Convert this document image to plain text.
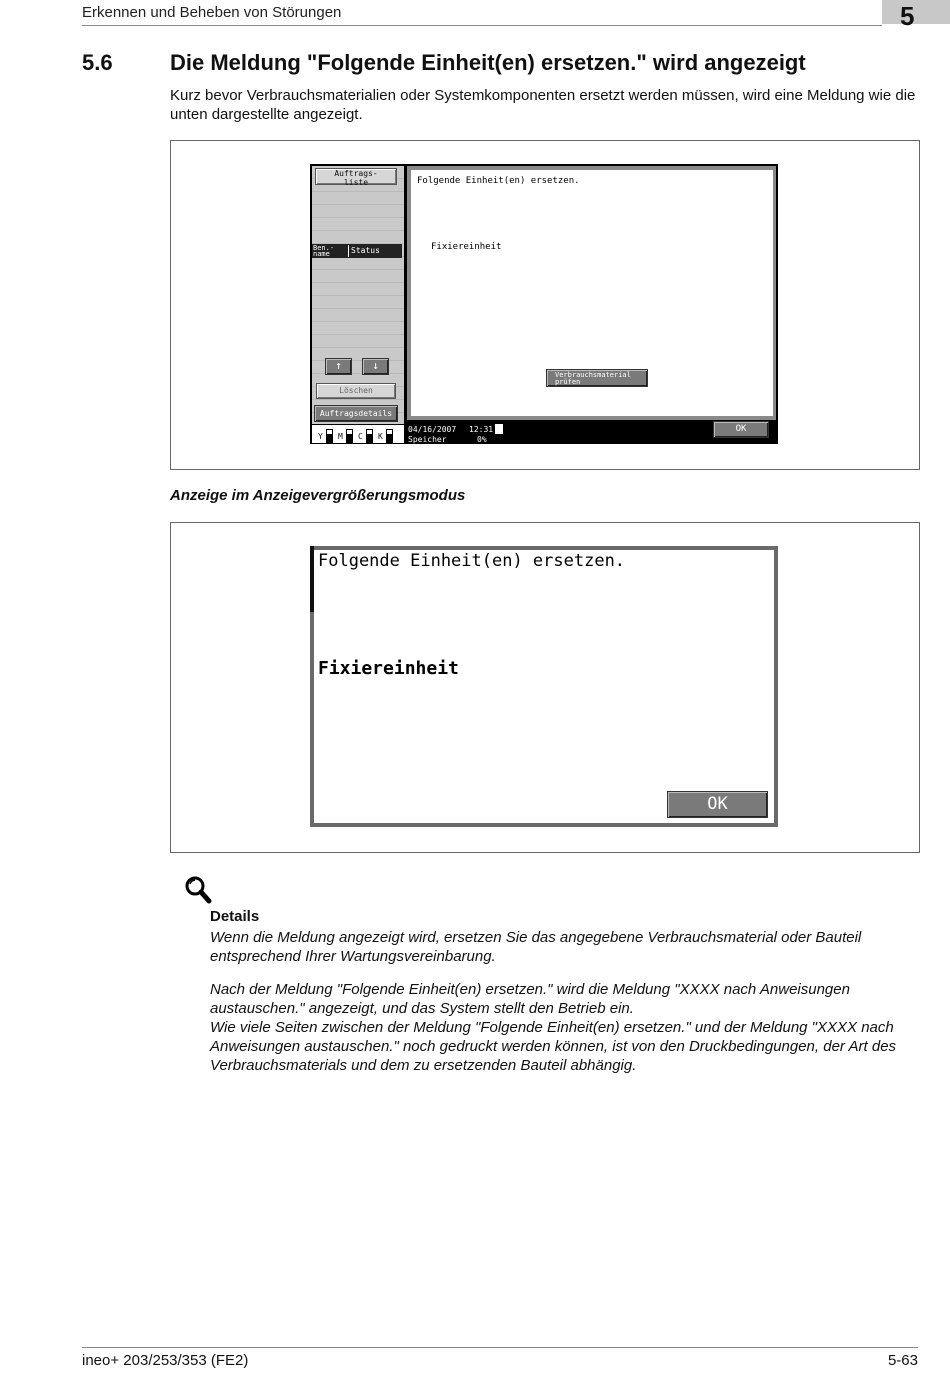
Erkennen und Beheben von Störungen	5
5.6	Die Meldung "Folgende Einheit(en) ersetzen." wird angezeigt
Kurz bevor Verbrauchsmaterialien oder Systemkomponenten ersetzt werden müssen, wird eine Meldung wie die unten dargestellte angezeigt.
Auftrags-
liste
Ben.-
name	Status
↑	↓
Löschen
Auftragsdetails
Y M C K
Folgende Einheit(en) ersetzen.
Fixiereinheit
Verbrauchsmaterial
prüfen
04/16/2007 12:31
Speicher	0%
OK
Anzeige im Anzeigevergrößerungsmodus
Folgende Einheit(en) ersetzen.
Fixiereinheit
OK
Details
Wenn die Meldung angezeigt wird, ersetzen Sie das angegebene Verbrauchsmaterial oder Bauteil entsprechend Ihrer Wartungsvereinbarung.
Nach der Meldung "Folgende Einheit(en) ersetzen." wird die Meldung "XXXX nach Anweisungen austauschen." angezeigt, und das System stellt den Betrieb ein.
Wie viele Seiten zwischen der Meldung "Folgende Einheit(en) ersetzen." und der Meldung "XXXX nach Anweisungen austauschen." noch gedruckt werden können, ist von den Druckbedingungen, der Art des Verbrauchsmaterials und dem zu ersetzenden Bauteil abhängig.
ineo+ 203/253/353 (FE2)	5-63
